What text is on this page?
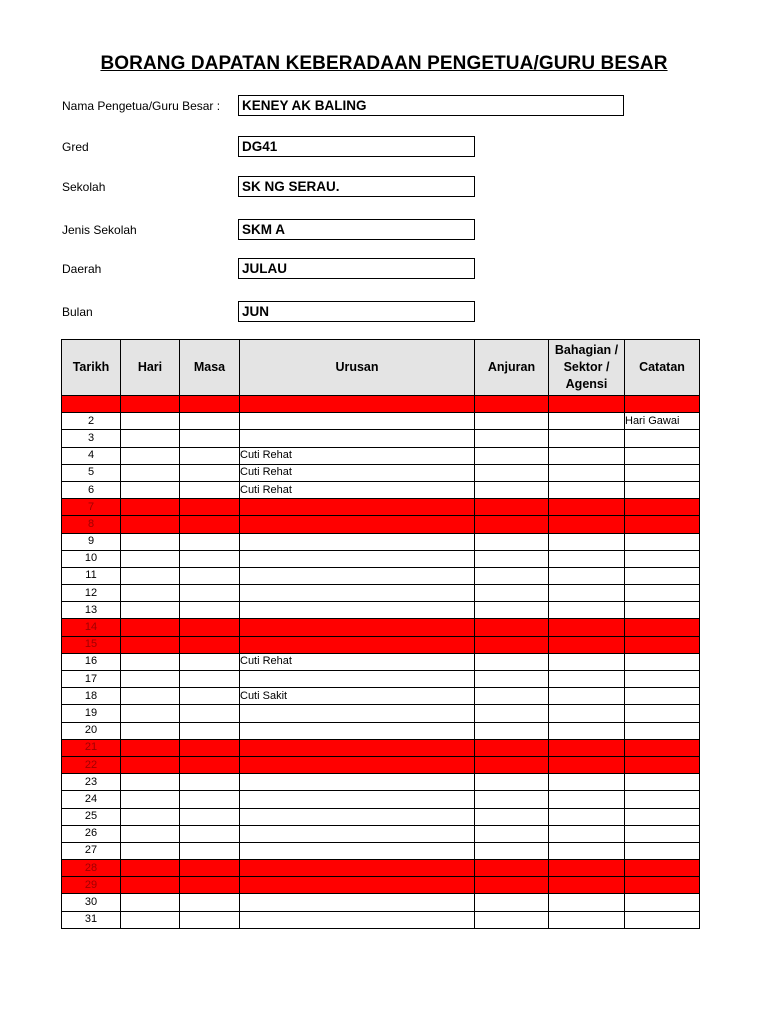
BORANG DAPATAN KEBERADAAN PENGETUA/GURU BESAR
Nama Pengetua/Guru Besar : KENEY AK BALING
Gred	DG41
Sekolah	SK NG SERAU.
Jenis Sekolah	SKM A
Daerah	JULAU
Bulan	JUN
Tarikh	Hari	Masa	Urusan	Anjuran	Bahagian / Sektor / Agensi	Catatan

2						Hari Gawai
3						
4			Cuti Rehat			
5			Cuti Rehat			
6			Cuti Rehat			
7						
8						
9						
10						
11						
12						
13						
14						
15						
16			Cuti Rehat			
17						
18			Cuti Sakit			
19						
20						
21						
22						
23						
24						
25						
26						
27						
28						
29						
30						
31						
